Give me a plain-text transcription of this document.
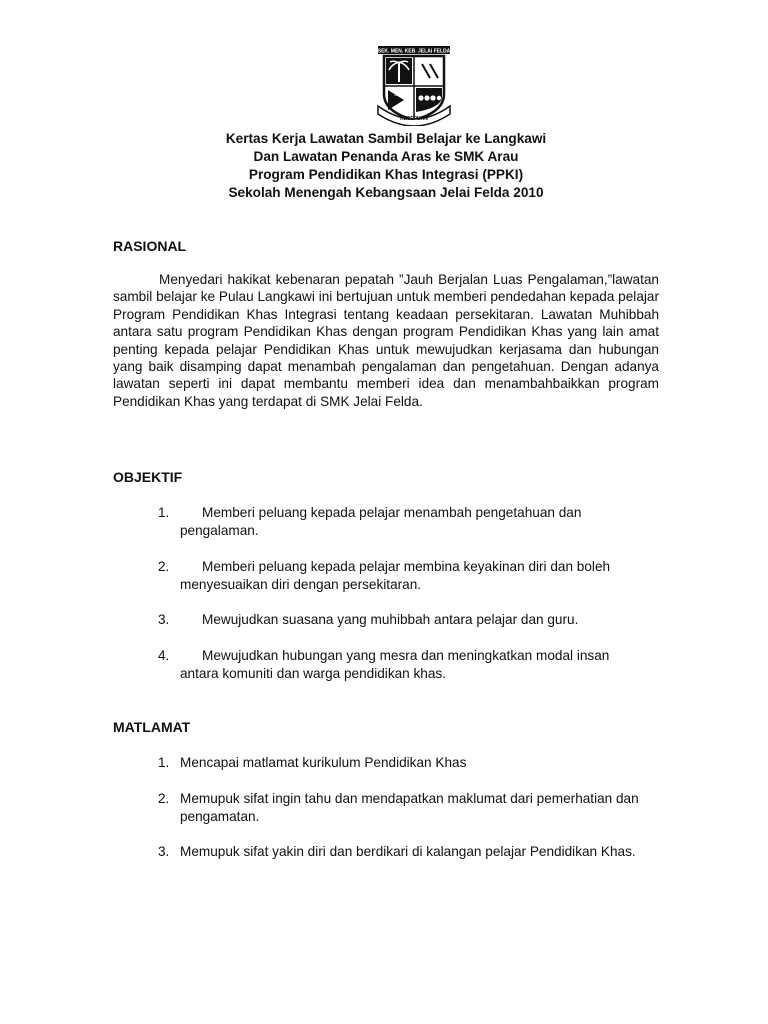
SEK. MEN. KEB. JELAI FELDA
1983
KESEPUAN
Kertas Kerja Lawatan Sambil Belajar ke Langkawi
Dan Lawatan Penanda Aras ke SMK Arau
Program Pendidikan Khas Integrasi (PPKI)
Sekolah Menengah Kebangsaan Jelai Felda 2010
RASIONAL
Menyedari hakikat kebenaran pepatah ”Jauh Berjalan Luas Pengalaman,”lawatan sambil belajar ke Pulau Langkawi ini bertujuan untuk memberi pendedahan kepada pelajar Program Pendidikan Khas Integrasi tentang keadaan persekitaran. Lawatan Muhibbah antara satu program Pendidikan Khas dengan program Pendidikan Khas yang lain amat penting kepada pelajar Pendidikan Khas untuk mewujudkan kerjasama dan hubungan yang baik disamping dapat menambah pengalaman dan pengetahuan. Dengan adanya lawatan seperti ini dapat membantu memberi idea dan menambahbaikkan program Pendidikan Khas yang terdapat di SMK Jelai Felda.
OBJEKTIF
1.	Memberi peluang kepada pelajar menambah pengetahuan dan pengalaman.
2.	Memberi peluang kepada pelajar membina keyakinan diri dan boleh menyesuaikan diri dengan persekitaran.
3.	Mewujudkan suasana yang muhibbah antara pelajar dan guru.
4.	Mewujudkan hubungan yang mesra dan meningkatkan modal insan antara komuniti dan warga pendidikan khas.
MATLAMAT
1. Mencapai matlamat kurikulum Pendidikan Khas
2. Memupuk sifat ingin tahu dan mendapatkan maklumat dari pemerhatian dan pengamatan.
3. Memupuk sifat yakin diri dan berdikari di kalangan pelajar Pendidikan Khas.
